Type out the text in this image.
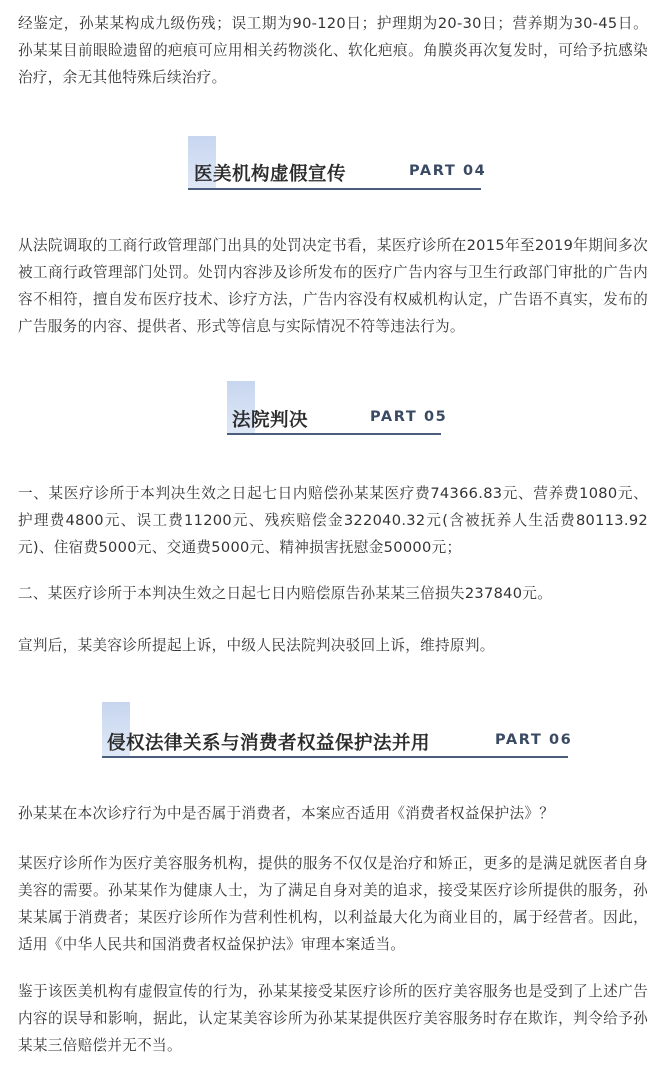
经鉴定，孙某某构成九级伤残；误工期为90-120日；护理期为20-30日；营养期为30-45日。孙某某目前眼睑遗留的疤痕可应用相关药物淡化、软化疤痕。角膜炎再次复发时，可给予抗感染治疗，余无其他特殊后续治疗。

医美机构虚假宣传	PART 04

从法院调取的工商行政管理部门出具的处罚决定书看，某医疗诊所在2015年至2019年期间多次被工商行政管理部门处罚。处罚内容涉及诊所发布的医疗广告内容与卫生行政部门审批的广告内容不相符，擅自发布医疗技术、诊疗方法，广告内容没有权威机构认定，广告语不真实，发布的广告服务的内容、提供者、形式等信息与实际情况不符等违法行为。

法院判决	PART 05

一、某医疗诊所于本判决生效之日起七日内赔偿孙某某医疗费74366.83元、营养费1080元、护理费4800元、误工费11200元、残疾赔偿金322040.32元(含被抚养人生活费80113.92元)、住宿费5000元、交通费5000元、精神损害抚慰金50000元；

二、某医疗诊所于本判决生效之日起七日内赔偿原告孙某某三倍损失237840元。

宣判后，某美容诊所提起上诉，中级人民法院判决驳回上诉，维持原判。

侵权法律关系与消费者权益保护法并用	PART 06

孙某某在本次诊疗行为中是否属于消费者，本案应否适用《消费者权益保护法》？

某医疗诊所作为医疗美容服务机构，提供的服务不仅仅是治疗和矫正，更多的是满足就医者自身美容的需要。孙某某作为健康人士，为了满足自身对美的追求，接受某医疗诊所提供的服务，孙某某属于消费者；某医疗诊所作为营利性机构，以利益最大化为商业目的，属于经营者。因此，适用《中华人民共和国消费者权益保护法》审理本案适当。

鉴于该医美机构有虚假宣传的行为，孙某某接受某医疗诊所的医疗美容服务也是受到了上述广告内容的误导和影响，据此，认定某美容诊所为孙某某提供医疗美容服务时存在欺诈，判令给予孙某某三倍赔偿并无不当。
